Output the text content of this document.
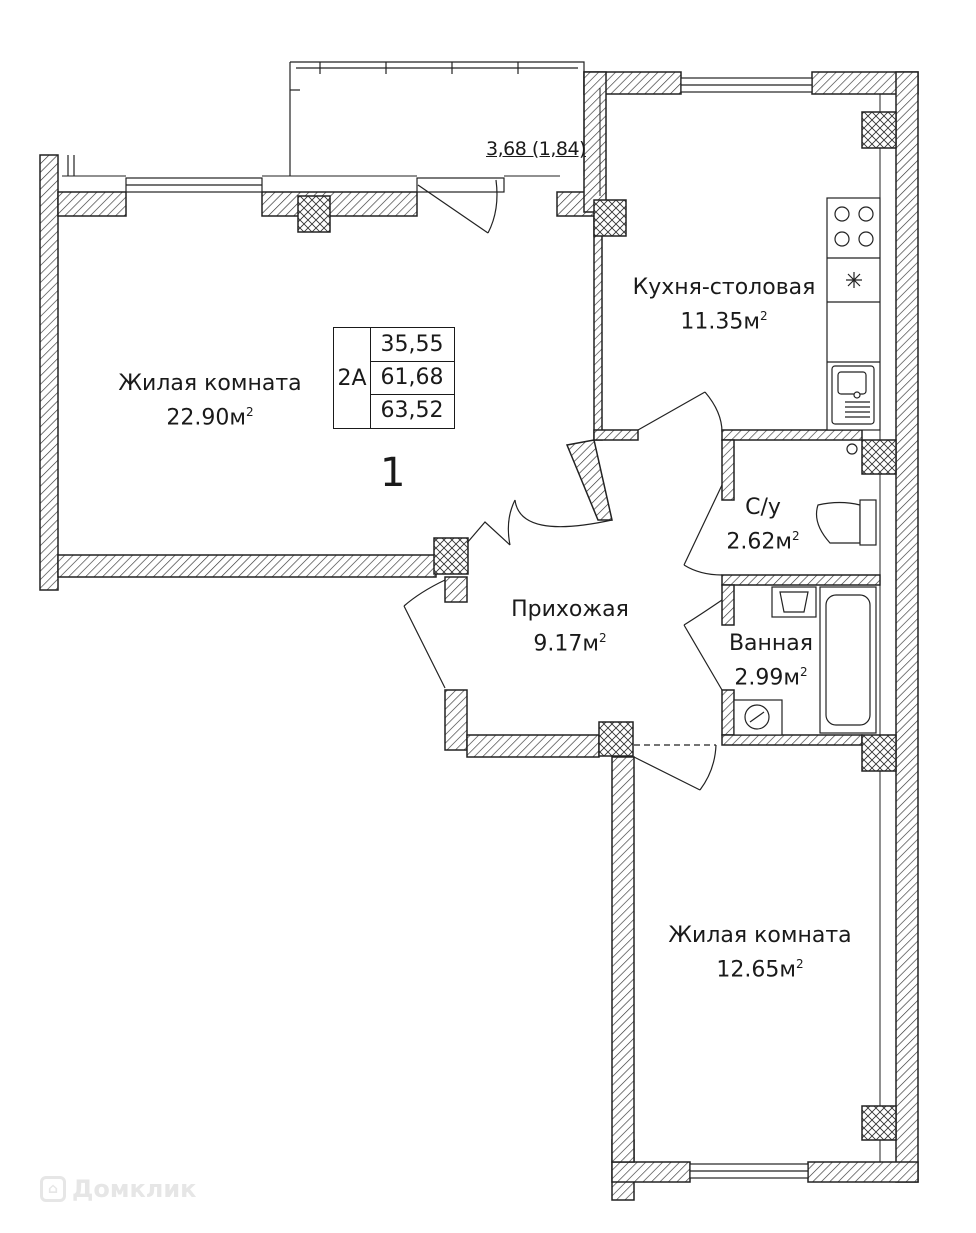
3,68 (1,84)
2А
35,55
61,68
63,52
1
Жилая комната
$22.90м^2$
Кухня-столовая
$11.35м^2$
С/у
$2.62м^2$
Прихожая
$9.17м^2$	Ванная
$2.99м^2$
Жилая комната
$12.65м^2$
⌂ Домклик
